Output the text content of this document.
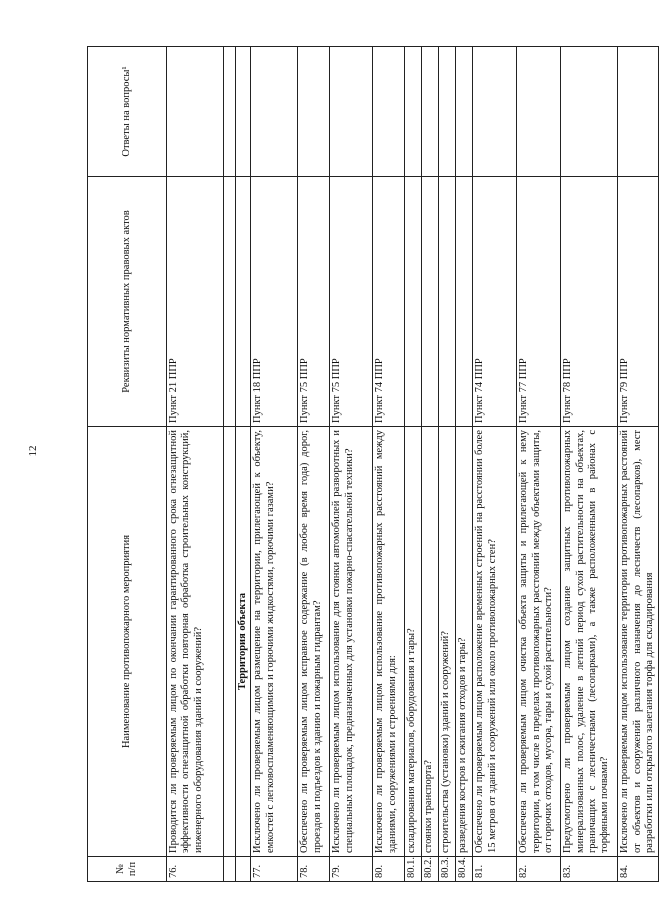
12
№ п/п	Наименование противопожарного мероприятия	Реквизиты нормативных правовых актов	Ответы на вопросы¹
76.	Проводится ли проверяемым лицом по окончании гарантированного срока огнезащитной эффективности огнезащитной обработки повторная обработка строительных конструкций, инженерного оборудования зданий и сооружений?	Пункт 21 ППР	

	Территория объекта		
77.	Исключено ли проверяемым лицом размещение на территории, прилегающей к объекту, емкостей с легковоспламеняющимися и горючими жидкостями, горючими газами?	Пункт 18 ППР	
78.	Обеспечено ли проверяемым лицом исправное содержание (в любое время года) дорог, проездов и подъездов к зданию и пожарным гидрантам?	Пункт 75 ППР	
79.	Исключено ли проверяемым лицом использование для стоянки автомобилей разворотных и специальных площадок, предназначенных для установки пожарно-спасательной техники?	Пункт 75 ППР	
80.	Исключено ли проверяемым лицом использование противопожарных расстояний между зданиями, сооружениями и строениями для:	Пункт 74 ППР	
80.1.	складирования материалов, оборудования и тары?		
80.2.	стоянки транспорта?		
80.3.	строительства (установки) зданий и сооружений?		
80.4.	разведения костров и сжигания отходов и тары?		
81.	Обеспечено ли проверяемым лицом расположение временных строений на расстоянии более 15 метров от зданий и сооружений или около противопожарных стен?	Пункт 74 ППР	
82.	Обеспечена ли проверяемым лицом очистка объекта защиты и прилегающей к нему территории, в том числе в пределах противопожарных расстояний между объектами защиты, от горючих отходов, мусора, тары и сухой растительности?	Пункт 77 ППР	
83.	Предусмотрено ли проверяемым лицом создание защитных противопожарных минерализованных полос, удаление в летний период сухой растительности на объектах, граничащих с лесничествами (лесопарками), а также расположенными в районах с торфяными почвами?	Пункт 78 ППР	
84.	Исключено ли проверяемым лицом использование территории противопожарных расстояний от объектов и сооружений различного назначения до лесничеств (лесопарков), мест разработки или открытого залегания торфа для складирования	Пункт 79 ППР	
